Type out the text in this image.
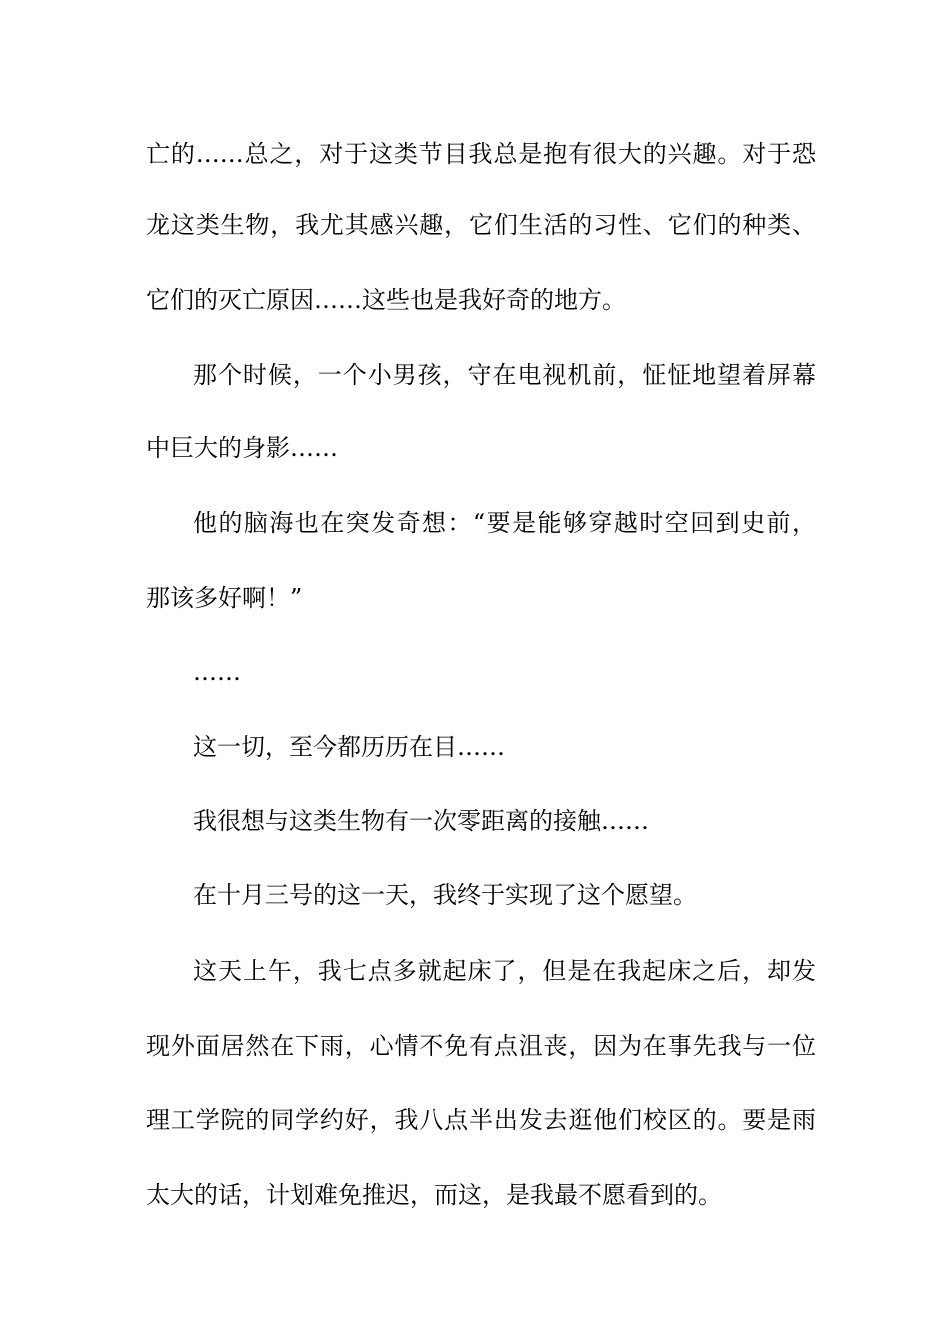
亡的……总之，对于这类节目我总是抱有很大的兴趣。对于恐
龙这类生物，我尤其感兴趣，它们生活的习性、它们的种类、
它们的灭亡原因……这些也是我好奇的地方。
那个时候，一个小男孩，守在电视机前，怔怔地望着屏幕
中巨大的身影……
他的脑海也在突发奇想：“要是能够穿越时空回到史前，
那该多好啊！”
……
这一切，至今都历历在目……
我很想与这类生物有一次零距离的接触……
在十月三号的这一天，我终于实现了这个愿望。
这天上午，我七点多就起床了，但是在我起床之后，却发
现外面居然在下雨，心情不免有点沮丧，因为在事先我与一位
理工学院的同学约好，我八点半出发去逛他们校区的。要是雨
太大的话，计划难免推迟，而这，是我最不愿看到的。
